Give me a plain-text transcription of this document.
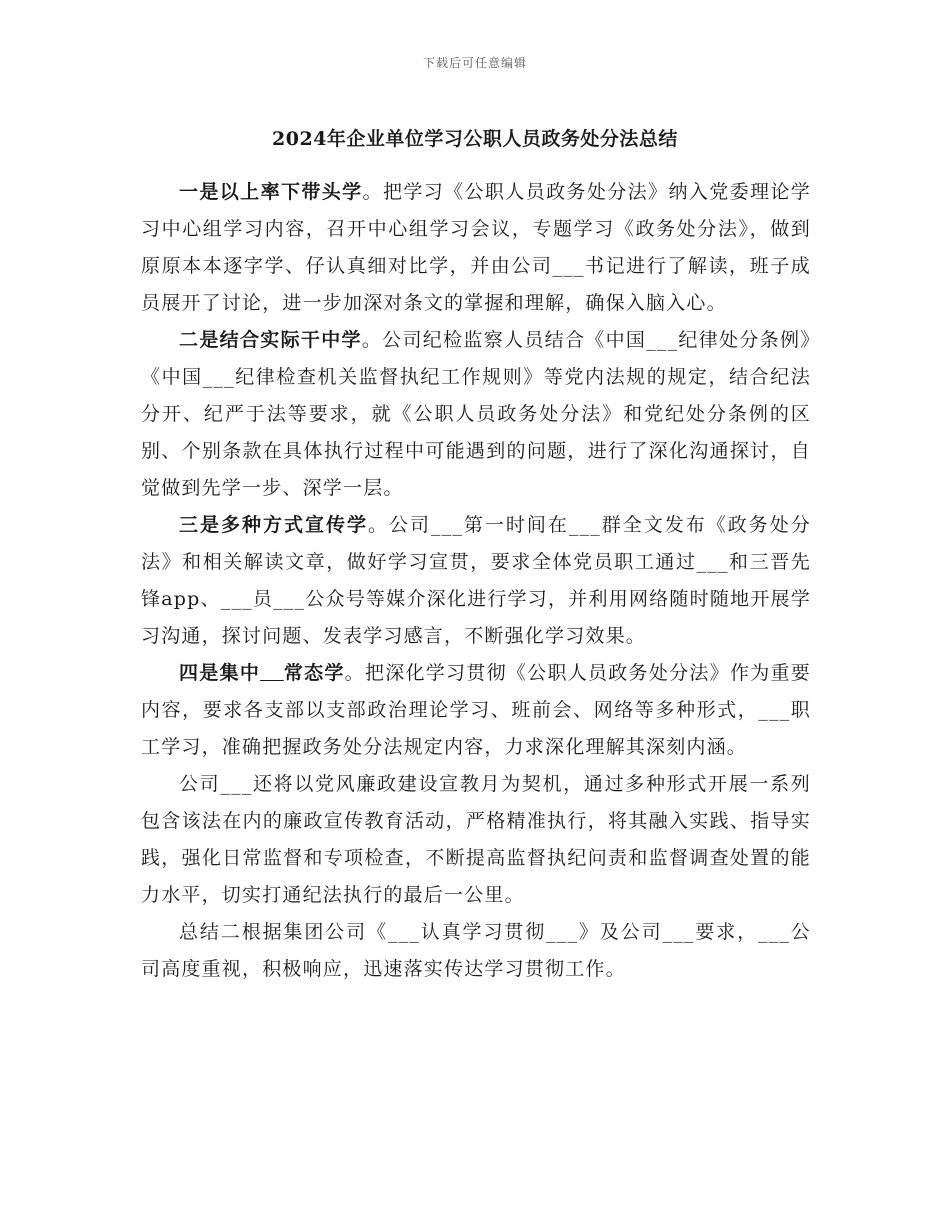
下载后可任意编辑
2024年企业单位学习公职人员政务处分法总结

一是以上率下带头学。把学习《公职人员政务处分法》纳入党委理论学习中心组学习内容，召开中心组学习会议，专题学习《政务处分法》，做到原原本本逐字学、仔认真细对比学，并由公司___书记进行了解读，班子成员展开了讨论，进一步加深对条文的掌握和理解，确保入脑入心。

二是结合实际干中学。公司纪检监察人员结合《中国___纪律处分条例》《中国___纪律检查机关监督执纪工作规则》等党内法规的规定，结合纪法分开、纪严于法等要求，就《公职人员政务处分法》和党纪处分条例的区别、个别条款在具体执行过程中可能遇到的问题，进行了深化沟通探讨，自觉做到先学一步、深学一层。

三是多种方式宣传学。公司___第一时间在___群全文发布《政务处分法》和相关解读文章，做好学习宣贯，要求全体党员职工通过___和三晋先锋app、___员___公众号等媒介深化进行学习，并利用网络随时随地开展学习沟通，探讨问题、发表学习感言，不断强化学习效果。

四是集中 常态学。把深化学习贯彻《公职人员政务处分法》作为重要内容，要求各支部以支部政治理论学习、班前会、网络等多种形式，___职工学习，准确把握政务处分法规定内容，力求深化理解其深刻内涵。

公司___还将以党风廉政建设宣教月为契机，通过多种形式开展一系列包含该法在内的廉政宣传教育活动，严格精准执行，将其融入实践、指导实践，强化日常监督和专项检查，不断提高监督执纪问责和监督调查处置的能力水平，切实打通纪法执行的最后一公里。

总结二根据集团公司《___认真学习贯彻___》及公司___要求，___公司高度重视，积极响应，迅速落实传达学习贯彻工作。
